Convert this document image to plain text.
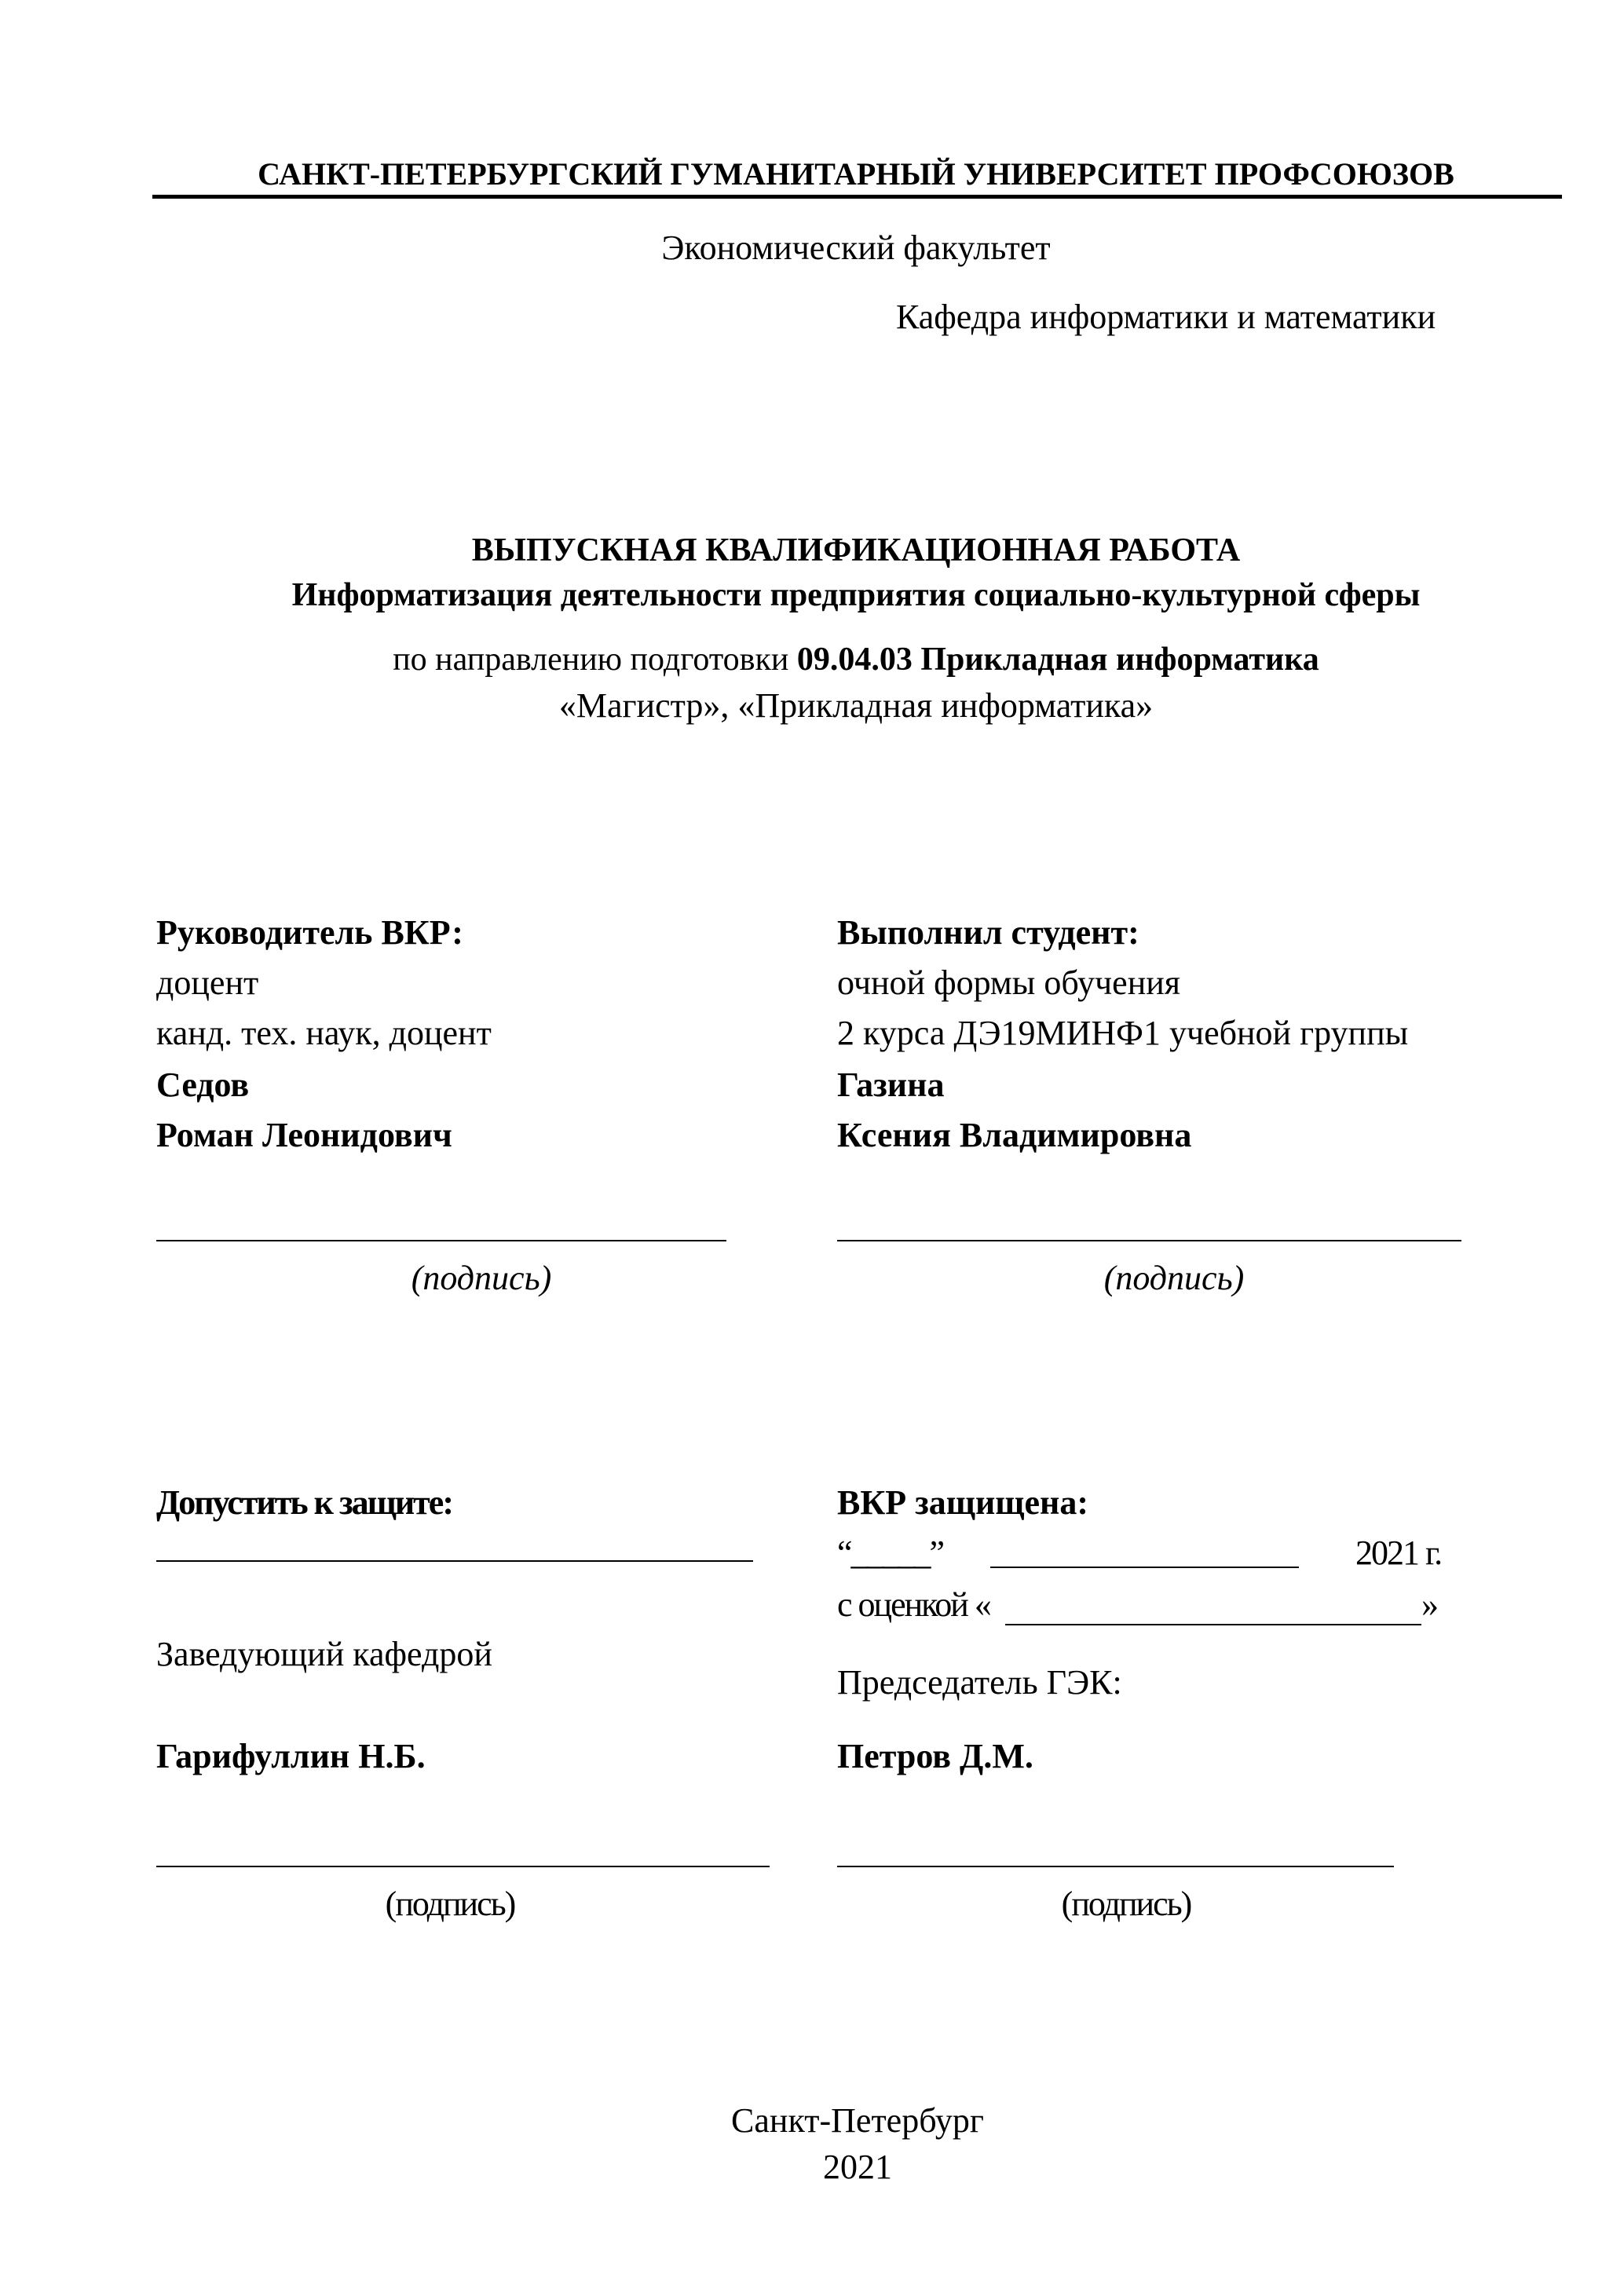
САНКТ-ПЕТЕРБУРГСКИЙ ГУМАНИТАРНЫЙ УНИВЕРСИТЕТ ПРОФСОЮЗОВ
Экономический факультет
Кафедра информатики и математики
ВЫПУСКНАЯ КВАЛИФИКАЦИОННАЯ РАБОТА
Информатизация деятельности предприятия социально-культурной сферы
по направлению подготовки 09.04.03 Прикладная информатика
«Магистр», «Прикладная информатика»
Руководитель ВКР:
доцент
канд. тех. наук, доцент
Седов
Роман Леонидович
(подпись)
Выполнил студент:
очной формы обучения
2 курса ДЭ19МИНФ1 учебной группы
Газина
Ксения Владимировна
(подпись)
Допустить к защите:
Заведующий кафедрой
Гарифуллин Н.Б.
(подпись)
ВКР защищена:
“_____”	2021 г.
с оценкой «	»
Председатель ГЭК:
Петров Д.М.
(подпись)
Санкт-Петербург
2021
